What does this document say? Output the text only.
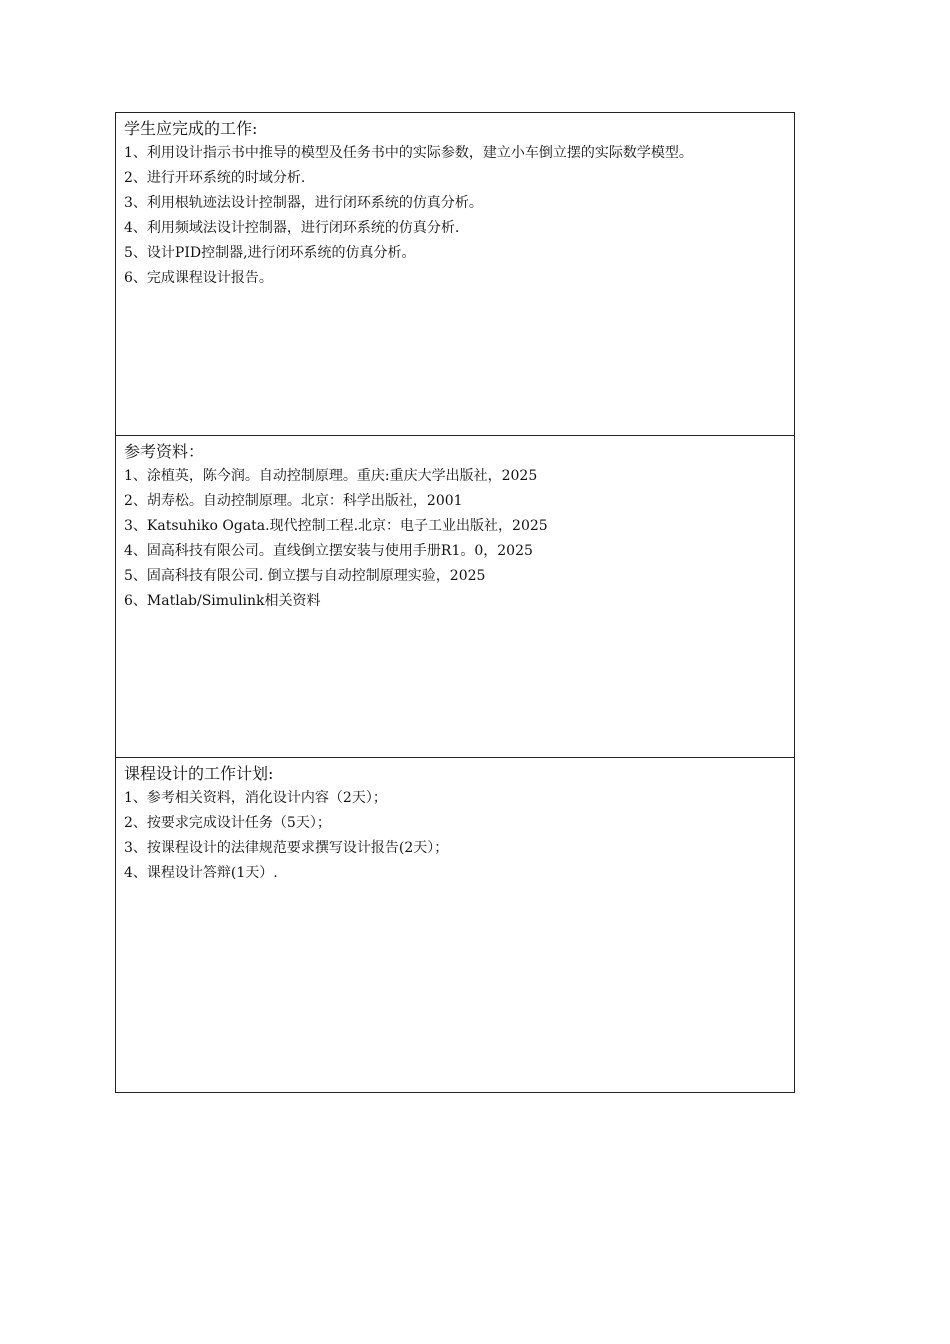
学生应完成的工作:
1、利用设计指示书中推导的模型及任务书中的实际参数，建立小车倒立摆的实际数学模型。
2、进行开环系统的时域分析.
3、利用根轨迹法设计控制器，进行闭环系统的仿真分析。
4、利用频域法设计控制器，进行闭环系统的仿真分析.
5、设计PID控制器,进行闭环系统的仿真分析。
6、完成课程设计报告。
参考资料：
1、涂植英，陈今润。自动控制原理。重庆:重庆大学出版社，2025
2、胡寿松。自动控制原理。北京：科学出版社，2001
3、Katsuhiko Ogata.现代控制工程.北京：电子工业出版社，2025
4、固高科技有限公司。直线倒立摆安装与使用手册R1。0，2025
5、固高科技有限公司. 倒立摆与自动控制原理实验，2025
6、Matlab/Simulink相关资料
课程设计的工作计划:
1、参考相关资料，消化设计内容（2天）；
2、按要求完成设计任务（5天）；
3、按课程设计的法律规范要求撰写设计报告(2天）；
4、课程设计答辩(1天）.
